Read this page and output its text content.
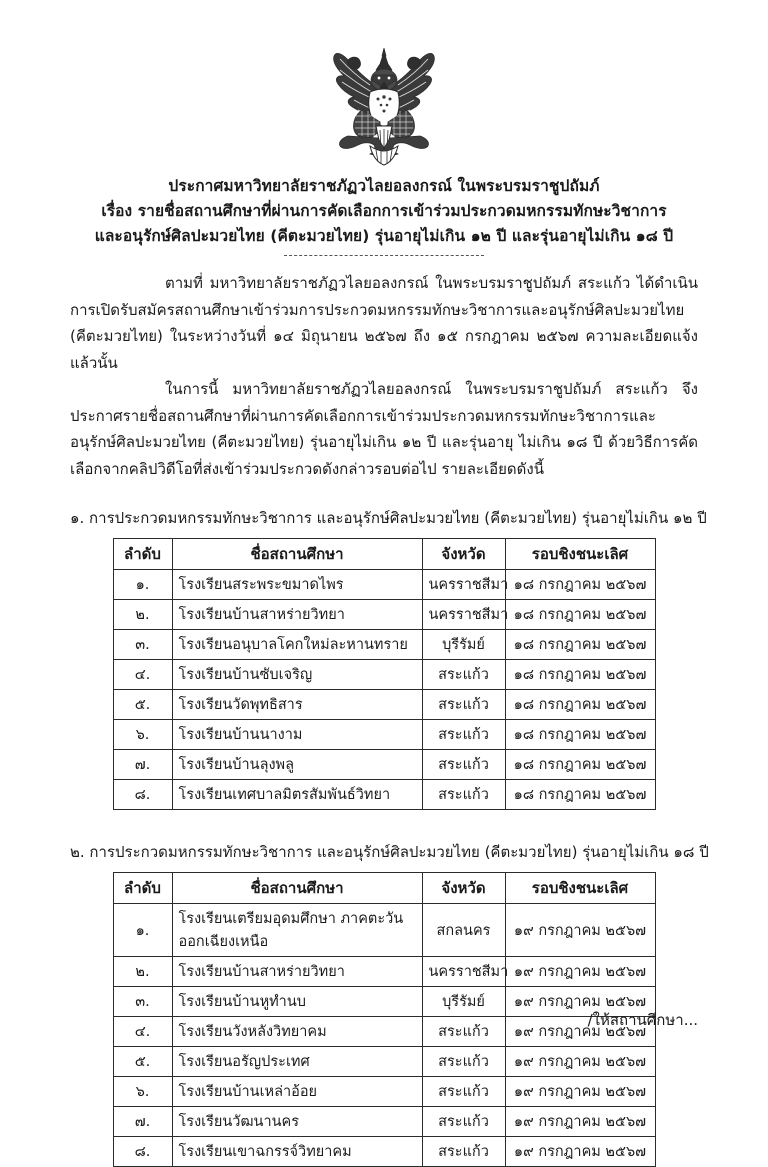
ประกาศมหาวิทยาลัยราชภัฏวไลยอลงกรณ์ ในพระบรมราชูปถัมภ์
เรื่อง รายชื่อสถานศึกษาที่ผ่านการคัดเลือกการเข้าร่วมประกวดมหกรรมทักษะวิชาการ
และอนุรักษ์ศิลปะมวยไทย (คีตะมวยไทย) รุ่นอายุไม่เกิน ๑๒ ปี และรุ่นอายุไม่เกิน ๑๘ ปี

ตามที่ มหาวิทยาลัยราชภัฏวไลยอลงกรณ์ ในพระบรมราชูปถัมภ์ สระแก้ว ได้ดำเนินการเปิดรับสมัครสถานศึกษาเข้าร่วมการประกวดมหกรรมทักษะวิชาการและอนุรักษ์ศิลปะมวยไทย (คีตะมวยไทย) ในระหว่างวันที่ ๑๔ มิถุนายน ๒๕๖๗ ถึง ๑๕ กรกฎาคม ๒๕๖๗ ความละเอียดแจ้งแล้วนั้น

ในการนี้ มหาวิทยาลัยราชภัฏวไลยอลงกรณ์ ในพระบรมราชูปถัมภ์ สระแก้ว จึงประกาศรายชื่อสถานศึกษาที่ผ่านการคัดเลือกการเข้าร่วมประกวดมหกรรมทักษะวิชาการและอนุรักษ์ศิลปะมวยไทย (คีตะมวยไทย) รุ่นอายุไม่เกิน ๑๒ ปี และรุ่นอายุ ไม่เกิน ๑๘ ปี ด้วยวิธีการคัดเลือกจากคลิปวิดีโอที่ส่งเข้าร่วมประกวดดังกล่าวรอบต่อไป รายละเอียดดังนี้

๑. การประกวดมหกรรมทักษะวิชาการ และอนุรักษ์ศิลปะมวยไทย (คีตะมวยไทย) รุ่นอายุไม่เกิน ๑๒ ปี
ลำดับ	ชื่อสถานศึกษา	จังหวัด	รอบชิงชนะเลิศ
๑.	โรงเรียนสระพระขมาดไพร	นครราชสีมา	๑๘ กรกฎาคม ๒๕๖๗
๒.	โรงเรียนบ้านสาหร่ายวิทยา	นครราชสีมา	๑๘ กรกฎาคม ๒๕๖๗
๓.	โรงเรียนอนุบาลโคกใหม่ละหานทราย	บุรีรัมย์	๑๘ กรกฎาคม ๒๕๖๗
๔.	โรงเรียนบ้านซับเจริญ	สระแก้ว	๑๘ กรกฎาคม ๒๕๖๗
๕.	โรงเรียนวัดพุทธิสาร	สระแก้ว	๑๘ กรกฎาคม ๒๕๖๗
๖.	โรงเรียนบ้านนางาม	สระแก้ว	๑๘ กรกฎาคม ๒๕๖๗
๗.	โรงเรียนบ้านลุงพลู	สระแก้ว	๑๘ กรกฎาคม ๒๕๖๗
๘.	โรงเรียนเทศบาลมิตรสัมพันธ์วิทยา	สระแก้ว	๑๘ กรกฎาคม ๒๕๖๗
๒. การประกวดมหกรรมทักษะวิชาการ และอนุรักษ์ศิลปะมวยไทย (คีตะมวยไทย) รุ่นอายุไม่เกิน ๑๘ ปี
ลำดับ	ชื่อสถานศึกษา	จังหวัด	รอบชิงชนะเลิศ
๑.	โรงเรียนเตรียมอุดมศึกษา ภาคตะวันออกเฉียงเหนือ	สกลนคร	๑๙ กรกฎาคม ๒๕๖๗
๒.	โรงเรียนบ้านสาหร่ายวิทยา	นครราชสีมา	๑๙ กรกฎาคม ๒๕๖๗
๓.	โรงเรียนบ้านหูทำนบ	บุรีรัมย์	๑๙ กรกฎาคม ๒๕๖๗
๔.	โรงเรียนวังหลังวิทยาคม	สระแก้ว	๑๙ กรกฎาคม ๒๕๖๗
๕.	โรงเรียนอรัญประเทศ	สระแก้ว	๑๙ กรกฎาคม ๒๕๖๗
๖.	โรงเรียนบ้านเหล่าอ้อย	สระแก้ว	๑๙ กรกฎาคม ๒๕๖๗
๗.	โรงเรียนวัฒนานคร	สระแก้ว	๑๙ กรกฎาคม ๒๕๖๗
๘.	โรงเรียนเขาฉกรรจ์วิทยาคม	สระแก้ว	๑๙ กรกฎาคม ๒๕๖๗
/ให้สถานศึกษา...
